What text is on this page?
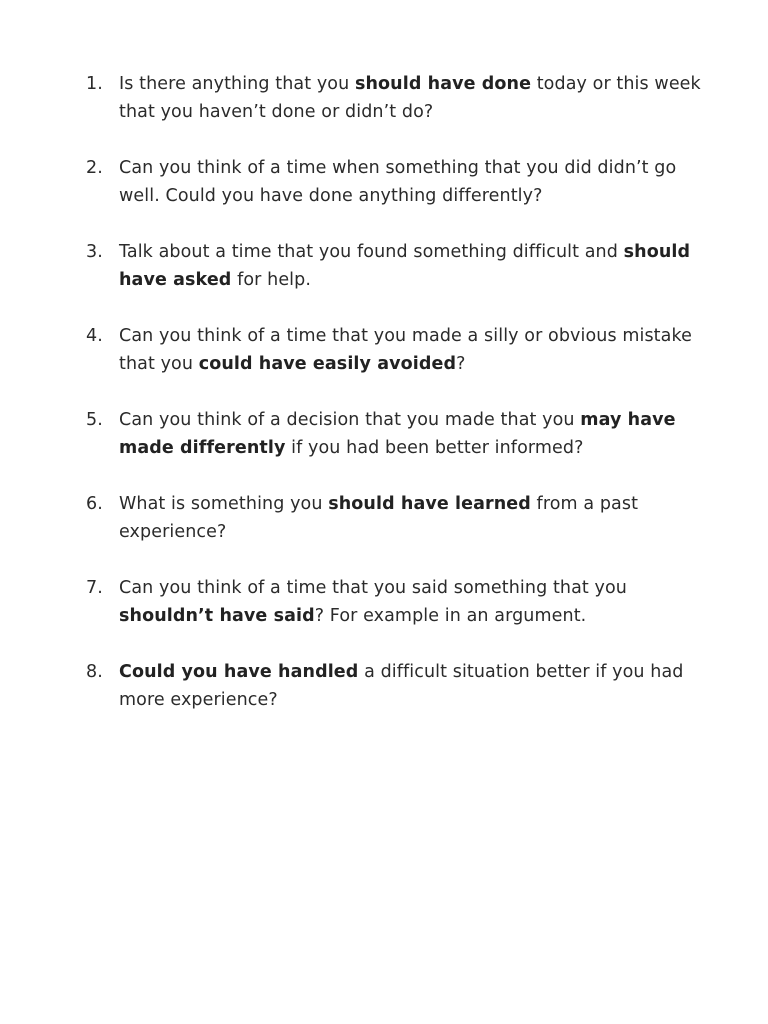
1. Is there anything that you should have done today or this week that you haven’t done or didn’t do?
2. Can you think of a time when something that you did didn’t go well. Could you have done anything differently?
3. Talk about a time that you found something difficult and should have asked for help.
4. Can you think of a time that you made a silly or obvious mistake that you could have easily avoided?
5. Can you think of a decision that you made that you may have made differently if you had been better informed?
6. What is something you should have learned from a past experience?
7. Can you think of a time that you said something that you shouldn’t have said? For example in an argument.
8. Could you have handled a difficult situation better if you had more experience?
